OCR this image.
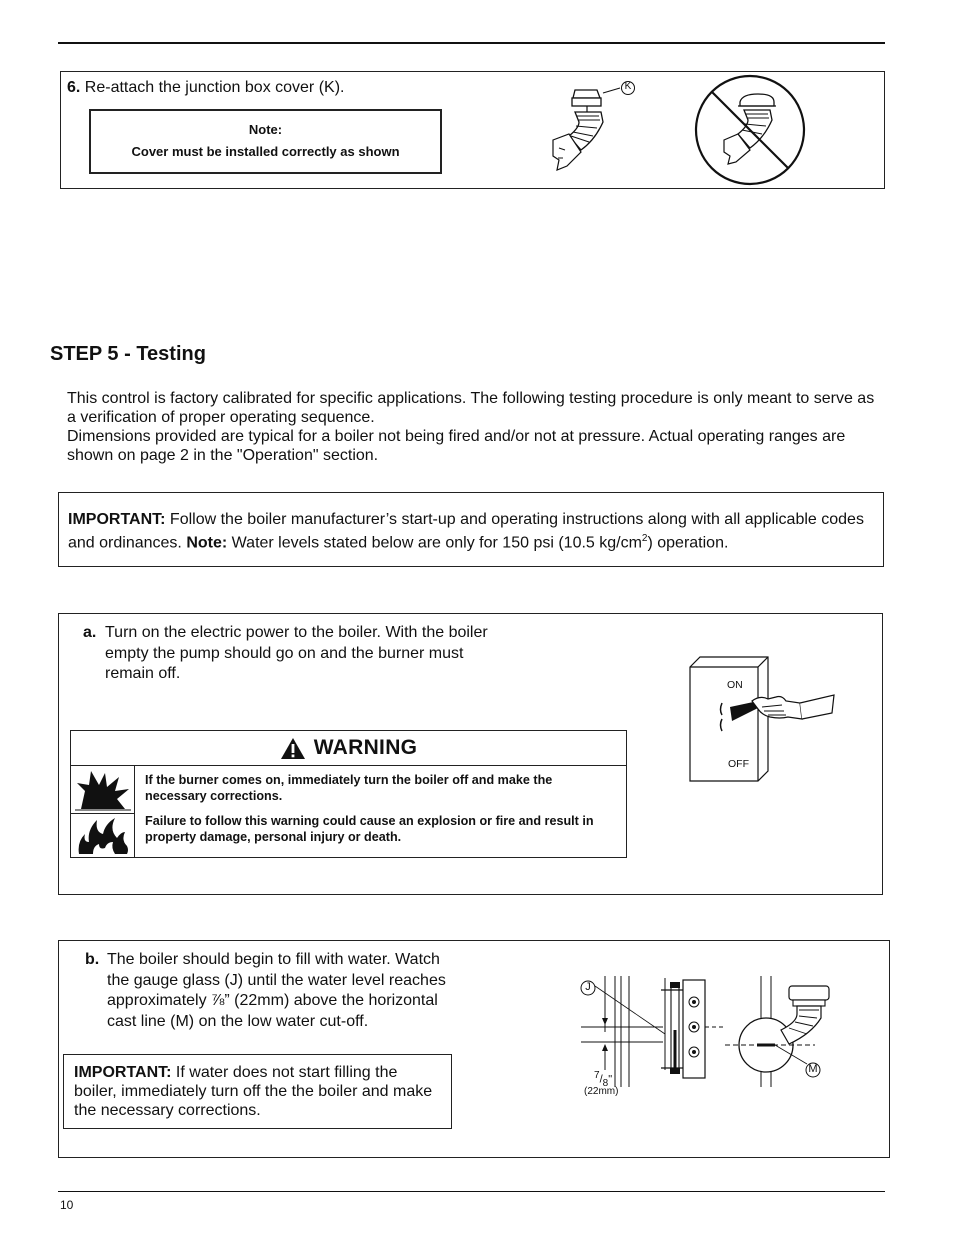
6. Re-attach the junction box cover (K).

Note:

Cover must be installed correctly as shown

K
STEP 5 - Testing

This control is factory calibrated for specific applications. The following testing procedure is only meant to serve as a verification of proper operating sequence.

Dimensions provided are typical for a boiler not being fired and/or not at pressure. Actual operating ranges are shown on page 2 in the "Operation" section.

IMPORTANT: Follow the boiler manufacturer’s start-up and operating instructions along with all applicable codes and ordinances. Note: Water levels stated below are only for 150 psi (10.5 $kg/cm^2$) operation.

a. Turn on the electric power to the boiler. With the boiler empty the pump should go on and the burner must remain off.
WARNING

If the burner comes on, immediately turn the boiler off and make the necessary corrections.

Failure to follow this warning could cause an explosion or fire and result in property damage, personal injury or death.

ON
OFF
b. The boiler should begin to fill with water. Watch the gauge glass (J) until the water level reaches approximately ⅞” (22mm) above the horizontal cast line (M) on the low water cut-off.

IMPORTANT: If water does not start filling the boiler, immediately turn off the the boiler and make the necessary corrections.

J
M
$^7/_8$"
(22mm)
10
